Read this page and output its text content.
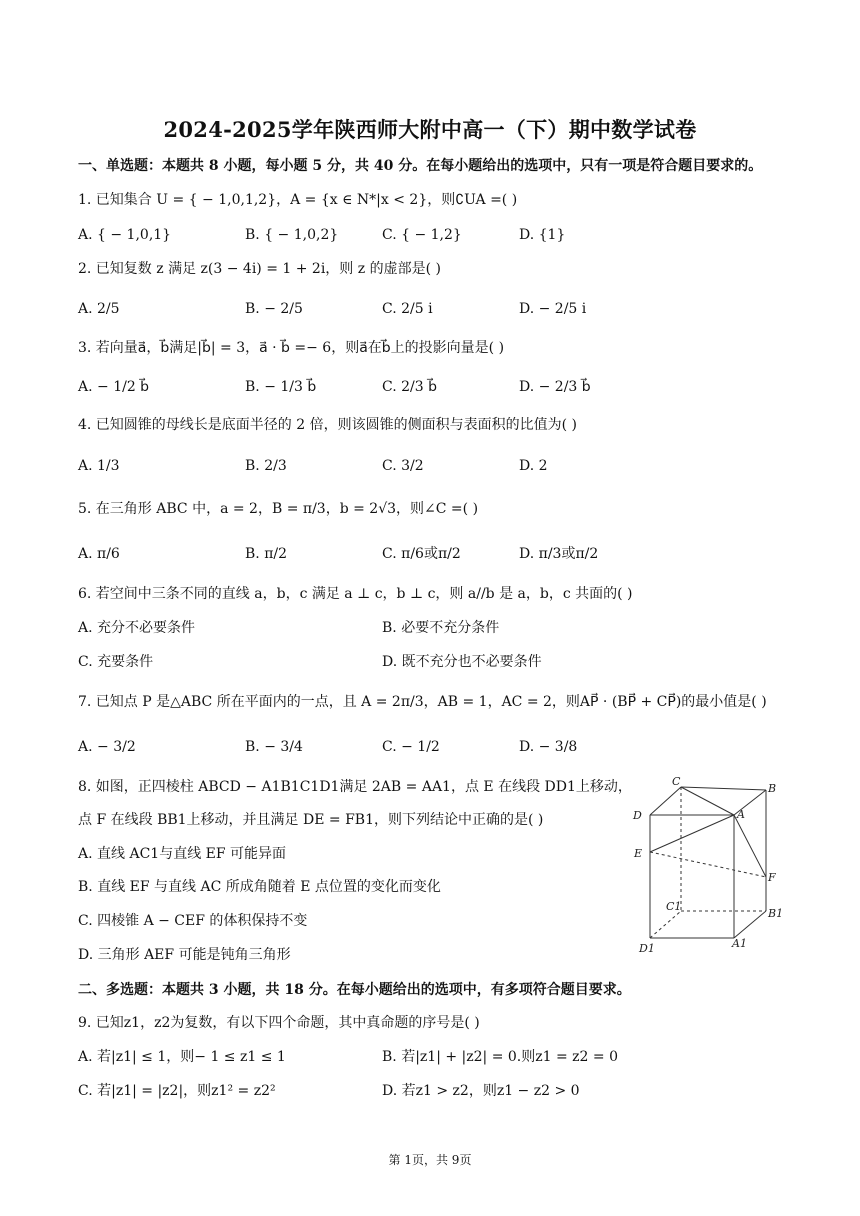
2024-2025学年陕西师大附中高一（下）期中数学试卷
一、单选题：本题共 8 小题，每小题 5 分，共 40 分。在每小题给出的选项中，只有一项是符合题目要求的。
1. 已知集合 U = { − 1,0,1,2}，A = {x ∈ N*|x < 2}，则∁UA =( )
A. { − 1,0,1}	B. { − 1,0,2}	C. { − 1,2}	D. {1}
2. 已知复数 z 满足 z(3 − 4i) = 1 + 2i，则 z 的虚部是( )
A. 2/5	B. − 2/5	C. 2/5 i	D. − 2/5 i
3. 若向量a⃗，b⃗满足|b⃗| = 3，a⃗ · b⃗ =− 6，则a⃗在b⃗上的投影向量是( )
A. − 1/2 b⃗	B. − 1/3 b⃗	C. 2/3 b⃗	D. − 2/3 b⃗
4. 已知圆锥的母线长是底面半径的 2 倍，则该圆锥的侧面积与表面积的比值为( )
A. 1/3	B. 2/3	C. 3/2	D. 2
5. 在三角形 ABC 中，a = 2，B = π/3，b = 2√3，则∠C =( )
A. π/6	B. π/2	C. π/6或π/2	D. π/3或π/2
6. 若空间中三条不同的直线 a，b，c 满足 a ⊥ c，b ⊥ c，则 a//b 是 a，b，c 共面的( )
A. 充分不必要条件	B. 必要不充分条件
C. 充要条件	D. 既不充分也不必要条件
7. 已知点 P 是△ABC 所在平面内的一点，且 A = 2π/3，AB = 1，AC = 2，则AP⃗ · (BP⃗ + CP⃗)的最小值是( )
A. − 3/2	B. − 3/4	C. − 1/2	D. − 3/8
8. 如图，正四棱柱 ABCD − A1B1C1D1满足 2AB = AA1，点 E 在线段 DD1上移动，
点 F 在线段 BB1上移动，并且满足 DE = FB1，则下列结论中正确的是( )
A. 直线 AC1与直线 EF 可能异面
B. 直线 EF 与直线 AC 所成角随着 E 点位置的变化而变化
C. 四棱锥 A − CEF 的体积保持不变
D. 三角形 AEF 可能是钝角三角形
C
B
D	A
E
F
C1
B1
D1	A1
二、多选题：本题共 3 小题，共 18 分。在每小题给出的选项中，有多项符合题目要求。
9. 已知z1，z2为复数，有以下四个命题，其中真命题的序号是( )
A. 若|z1| ≤ 1，则− 1 ≤ z1 ≤ 1	B. 若|z1| + |z2| = 0.则z1 = z2 = 0
C. 若|z1| = |z2|，则z1² = z2²	D. 若z1 > z2，则z1 − z2 > 0
第 1页，共 9页
